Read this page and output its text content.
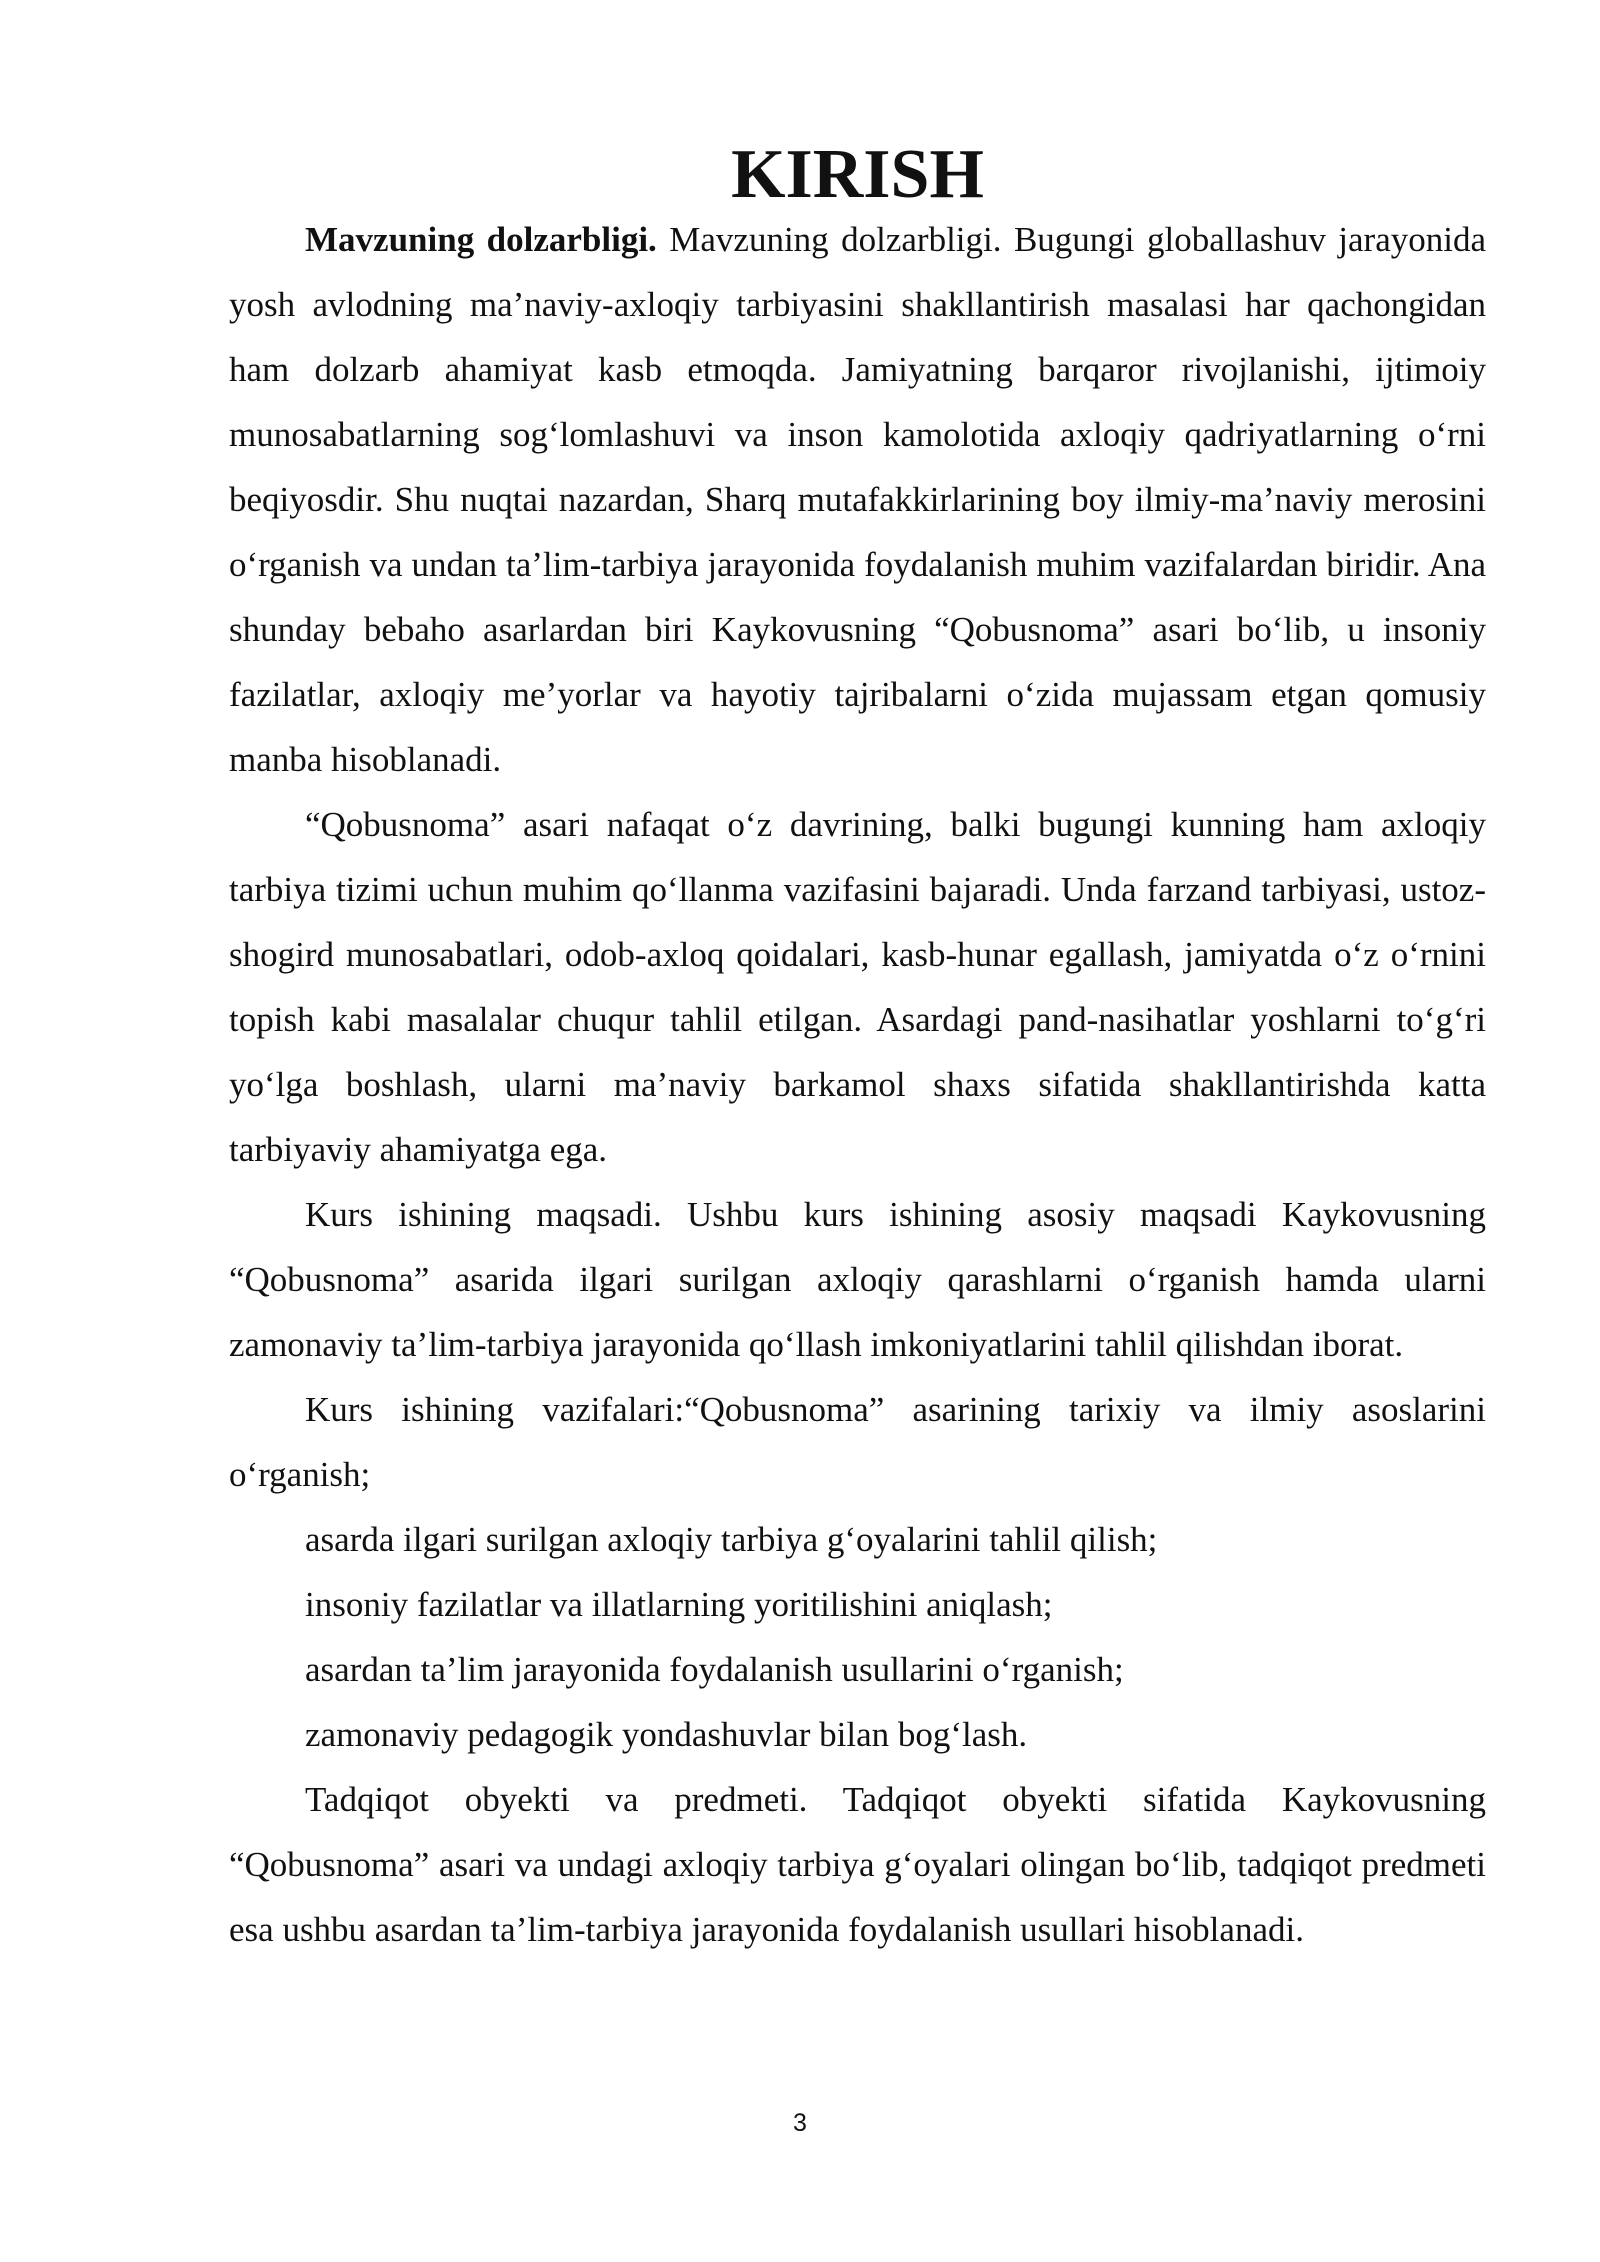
KIRISH

Mavzuning dolzarbligi. Mavzuning dolzarbligi. Bugungi globallashuv jarayonida yosh avlodning ma’naviy-axloqiy tarbiyasini shakllantirish masalasi har qachongidan ham dolzarb ahamiyat kasb etmoqda. Jamiyatning barqaror rivojlanishi, ijtimoiy munosabatlarning sog‘lomlashuvi va inson kamolotida axloqiy qadriyatlarning o‘rni beqiyosdir. Shu nuqtai nazardan, Sharq mutafakkirlarining boy ilmiy-ma’naviy merosini o‘rganish va undan ta’lim-tarbiya jarayonida foydalanish muhim vazifalardan biridir. Ana shunday bebaho asarlardan biri Kaykovusning “Qobusnoma” asari bo‘lib, u insoniy fazilatlar, axloqiy me’yorlar va hayotiy tajribalarni o‘zida mujassam etgan qomusiy manba hisoblanadi.

“Qobusnoma” asari nafaqat o‘z davrining, balki bugungi kunning ham axloqiy tarbiya tizimi uchun muhim qo‘llanma vazifasini bajaradi. Unda farzand tarbiyasi, ustoz-shogird munosabatlari, odob-axloq qoidalari, kasb-hunar egallash, jamiyatda o‘z o‘rnini topish kabi masalalar chuqur tahlil etilgan. Asardagi pand-nasihatlar yoshlarni to‘g‘ri yo‘lga boshlash, ularni ma’naviy barkamol shaxs sifatida shakllantirishda katta tarbiyaviy ahamiyatga ega.

Kurs ishining maqsadi. Ushbu kurs ishining asosiy maqsadi Kaykovusning “Qobusnoma” asarida ilgari surilgan axloqiy qarashlarni o‘rganish hamda ularni zamonaviy ta’lim-tarbiya jarayonida qo‘llash imkoniyatlarini tahlil qilishdan iborat.

Kurs ishining vazifalari:“Qobusnoma” asarining tarixiy va ilmiy asoslarini o‘rganish;

asarda ilgari surilgan axloqiy tarbiya g‘oyalarini tahlil qilish;

insoniy fazilatlar va illatlarning yoritilishini aniqlash;

asardan ta’lim jarayonida foydalanish usullarini o‘rganish;

zamonaviy pedagogik yondashuvlar bilan bog‘lash.

Tadqiqot obyekti va predmeti. Tadqiqot obyekti sifatida Kaykovusning “Qobusnoma” asari va undagi axloqiy tarbiya g‘oyalari olingan bo‘lib, tadqiqot predmeti esa ushbu asardan ta’lim-tarbiya jarayonida foydalanish usullari hisoblanadi.

3
